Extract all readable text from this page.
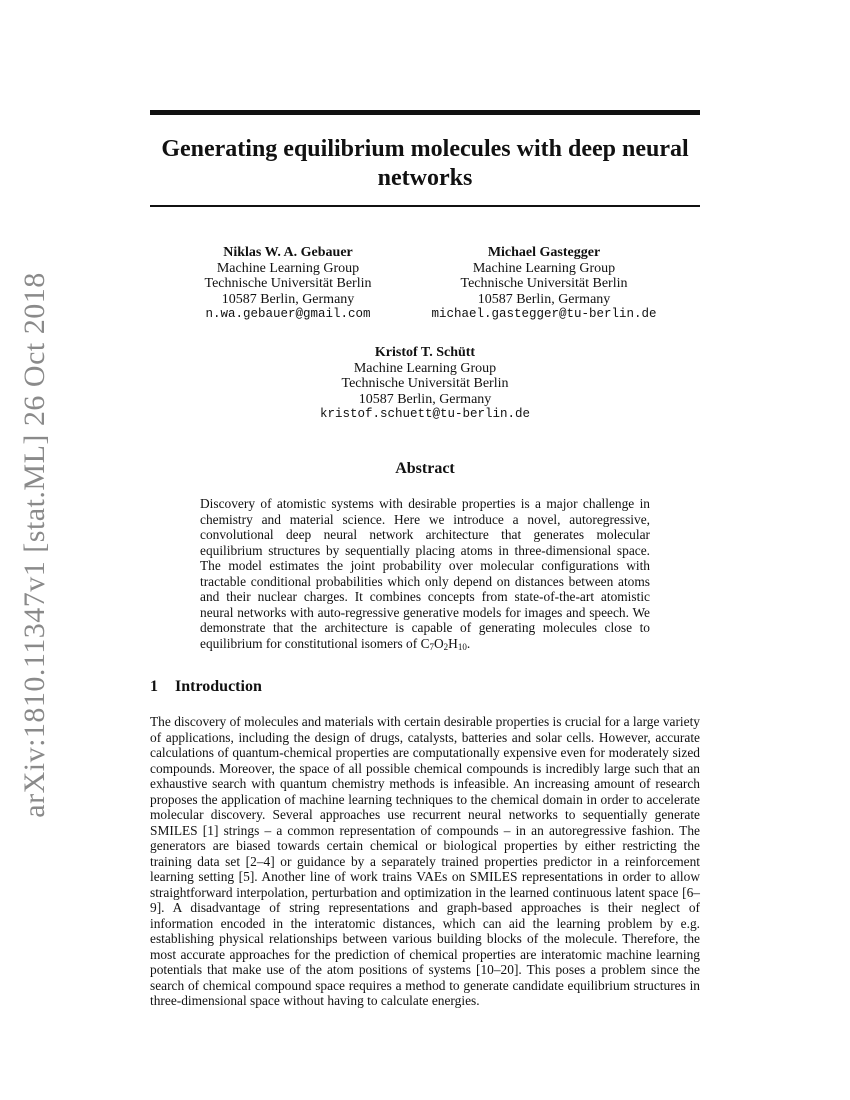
arXiv:1810.11347v1 [stat.ML] 26 Oct 2018
Generating equilibrium molecules with deep neural networks
Niklas W. A. Gebauer
Machine Learning Group
Technische Universität Berlin
10587 Berlin, Germany
n.wa.gebauer@gmail.com
Michael Gastegger
Machine Learning Group
Technische Universität Berlin
10587 Berlin, Germany
michael.gastegger@tu-berlin.de
Kristof T. Schütt
Machine Learning Group
Technische Universität Berlin
10587 Berlin, Germany
kristof.schuett@tu-berlin.de
Abstract
Discovery of atomistic systems with desirable properties is a major challenge in chemistry and material science. Here we introduce a novel, autoregressive, convolutional deep neural network architecture that generates molecular equilibrium structures by sequentially placing atoms in three-dimensional space. The model estimates the joint probability over molecular configurations with tractable conditional probabilities which only depend on distances between atoms and their nuclear charges. It combines concepts from state-of-the-art atomistic neural networks with auto-regressive generative models for images and speech. We demonstrate that the architecture is capable of generating molecules close to equilibrium for constitutional isomers of $C_7O_2H_{10}$.
1 Introduction
The discovery of molecules and materials with certain desirable properties is crucial for a large variety of applications, including the design of drugs, catalysts, batteries and solar cells. However, accurate calculations of quantum-chemical properties are computationally expensive even for moderately sized compounds. Moreover, the space of all possible chemical compounds is incredibly large such that an exhaustive search with quantum chemistry methods is infeasible. An increasing amount of research proposes the application of machine learning techniques to the chemical domain in order to accelerate molecular discovery. Several approaches use recurrent neural networks to sequentially generate SMILES [1] strings – a common representation of compounds – in an autoregressive fashion. The generators are biased towards certain chemical or biological properties by either restricting the training data set [2–4] or guidance by a separately trained properties predictor in a reinforcement learning setting [5]. Another line of work trains VAEs on SMILES representations in order to allow straightforward interpolation, perturbation and optimization in the learned continuous latent space [6–9]. A disadvantage of string representations and graph-based approaches is their neglect of information encoded in the interatomic distances, which can aid the learning problem by e.g. establishing physical relationships between various building blocks of the molecule. Therefore, the most accurate approaches for the prediction of chemical properties are interatomic machine learning potentials that make use of the atom positions of systems [10–20]. This poses a problem since the search of chemical compound space requires a method to generate candidate equilibrium structures in three-dimensional space without having to calculate energies.
